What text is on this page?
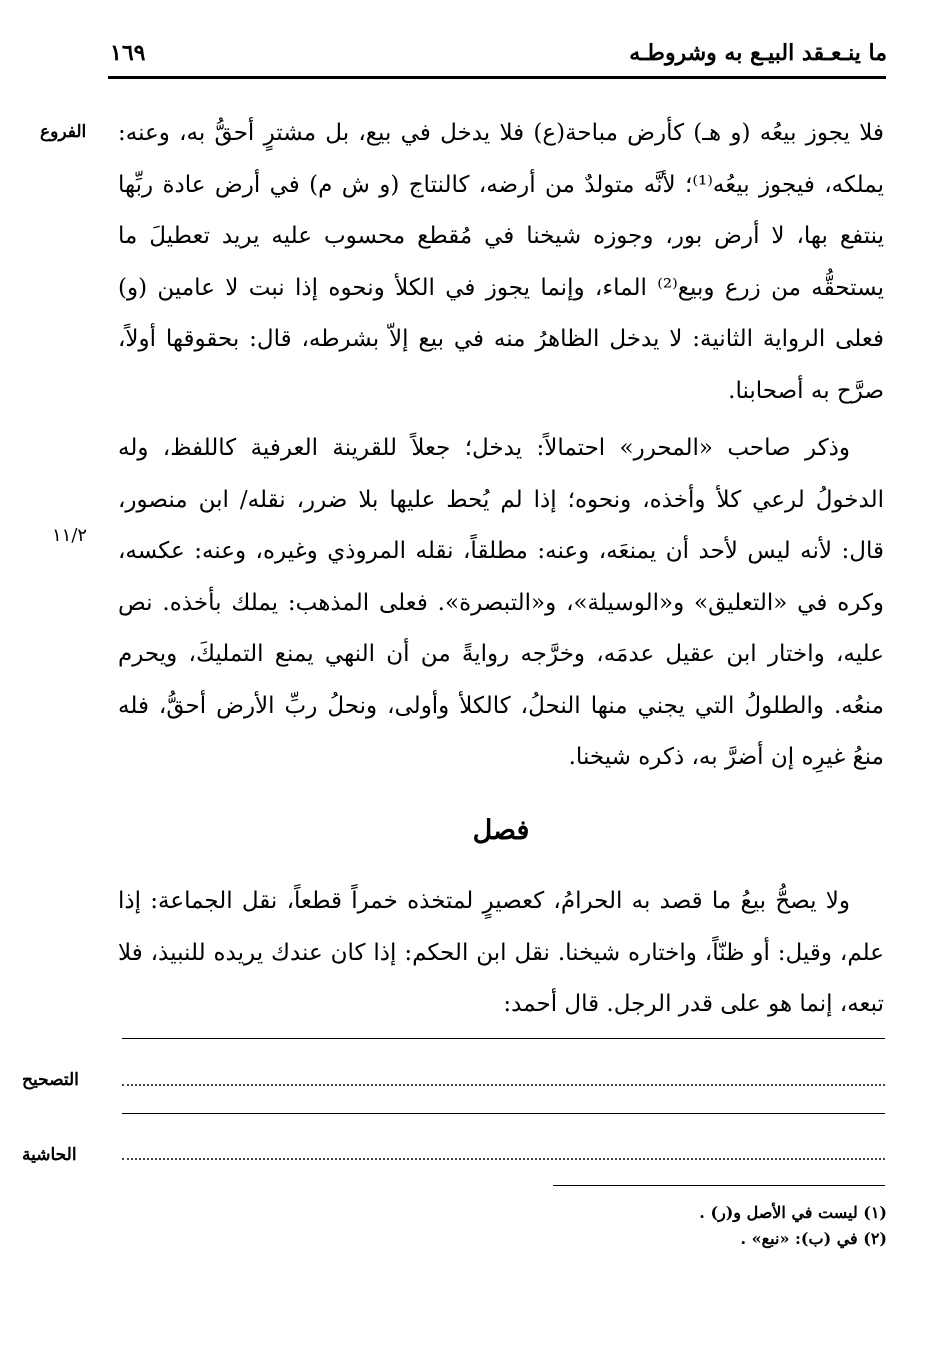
ما ينـعـقد البيـع به وشروطـه
١٦٩
الفروع
١١/٢

فلا يجوز بيعُه (و هـ) كأرض مباحة(ع) فلا يدخل في بيع، بل مشترٍ أحقُّ به، وعنه: يملكه، فيجوز بيعُه⁽¹⁾؛ لأنَّه متولدٌ من أرضه، كالنتاج (و ش م) في أرض عادة ربِّها ينتفع بها، لا أرض بور، وجوزه شيخنا في مُقطع محسوب عليه يريد تعطيلَ ما يستحقُّه من زرع وبيع⁽²⁾ الماء، وإنما يجوز في الكلأ ونحوه إذا نبت لا عامين (و) فعلى الرواية الثانية: لا يدخل الظاهرُ منه في بيع إلاّ بشرطه، قال: بحقوقها أولاً، صرَّح به أصحابنا.

وذكر صاحب «المحرر» احتمالاً: يدخل؛ جعلاً للقرينة العرفية كاللفظ، وله الدخولُ لرعي كلأ وأخذه، ونحوه؛ إذا لم يُحط عليها بلا ضرر، نقله/ ابن منصور، قال: لأنه ليس لأحد أن يمنعَه، وعنه: مطلقاً، نقله المروذي وغيره، وعنه: عكسه، وكره في «التعليق» و«الوسيلة»، و«التبصرة». فعلى المذهب: يملك بأخذه. نص عليه، واختار ابن عقيل عدمَه، وخرَّجه روايةً من أن النهي يمنع التمليكَ، ويحرم منعُه. والطلولُ التي يجني منها النحلُ، كالكلأ وأولى، ونحلُ ربِّ الأرض أحقُّ، فله منعُ غيرِه إن أضرَّ به، ذكره شيخنا.

فصل

ولا يصحُّ بيعُ ما قصد به الحرامُ، كعصيرٍ لمتخذه خمراً قطعاً، نقل الجماعة: إذا علم، وقيل: أو ظنّاً، واختاره شيخنا. نقل ابن الحكم: إذا كان عندك يريده للنبيذ، فلا تبعه، إنما هو على قدر الرجل. قال أحمد:

التصحيح
الحاشية
(١) ليست في الأصل و(ر) .
(٢) في (ب): «نبع» .
